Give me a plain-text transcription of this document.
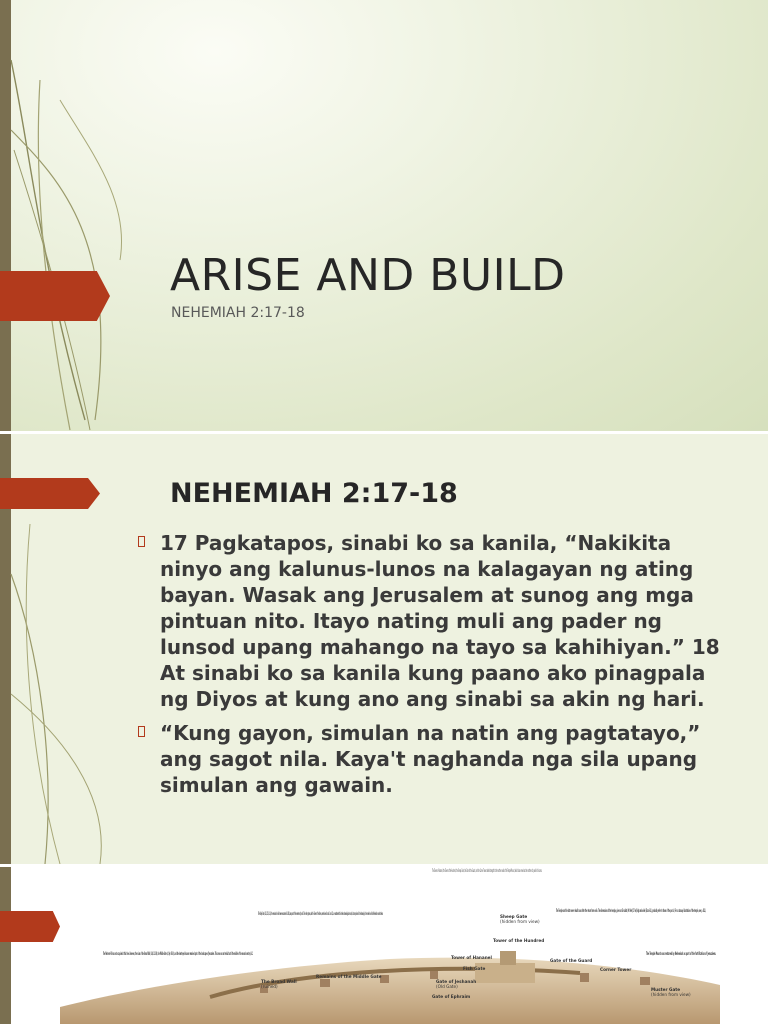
ARISE AND BUILD
NEHEMIAH 2:17-18
NEHEMIAH 2:17-18
17 Pagkatapos, sinabi ko sa kanila, “Nakikita ninyo ang kalunus-lunos na kalagayan ng ating bayan. Wasak ang Jerusalem at sunog ang mga pintuan nito. Itayo nating muli ang pader ng lunsod upang mahango na tayo sa kahihiyan.” 18 At sinabi ko sa kanila kung paano ako pinagpala ng Diyos at kung ano ang sinabi sa akin ng hari.
“Kung gayon, simulan na natin ang pagtatayo,” ang sagot nila. Kaya't naghanda nga sila upang simulan ang gawain.
The Tower of Hananel, the Tower of the Hundred, the Sheep Gate, the Gate of the Guard, and the Corner Tower added strength to the northern wall of the Temple Mount, which also served as the northern city wall in this area.
The Valley Gate (2:13, 15; 3:13), the remains of which were excavated in 1924, was part of the western city wall. The other gates, and the Tower of the Ovens, mentioned in chs. 3 and 12, are unattested to in the archaeological record, but are placed in the drawing in the order in which Nehemiah records them.
Sheep Gate
(hidden from view)
The Temple and the altar were rebuilt soon after the return from exile. The dimensions of the temple, given as 60 cubits (90 feet [27 m] high and wide) (Ezra 6:3), probably refer to those of the porch. (For a cutaway illustration of the temple, see p. 811.)
The Western Hill was not occupied at this time. However, the ruins of the Broad Wall (3:8; 12:38), the Middle Gate (cf. Jer 39:3), and the destroyed houses remained part of the landscape of Jerusalem. This area was not rebuilt until the middle of the second century B.C.
Tower of the Hundred
Tower of Hananel
Gate of the Guard
Corner Tower
The Temple Mount was restored by Nehemiah as part of the fortification of Jerusalem.
The Broad Wall
(ruined)
Remains of the Middle Gate
Fish Gate
Gate of Jeshanah
(Old Gate)
Gate of Ephraim
Muster Gate
(hidden from view)
